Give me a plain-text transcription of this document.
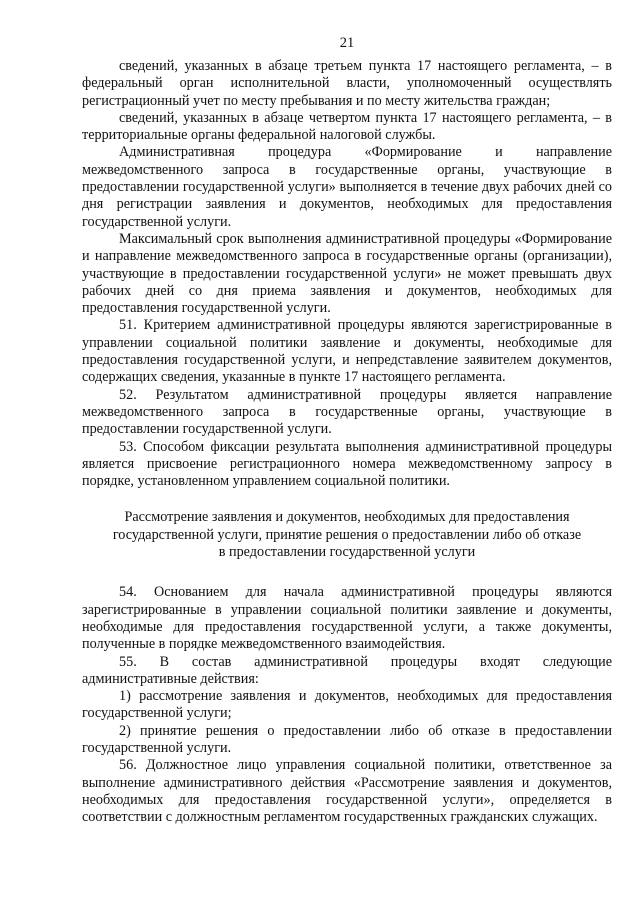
21

сведений, указанных в абзаце третьем пункта 17 настоящего регламента, – в федеральный орган исполнительной власти, уполномоченный осуществлять регистрационный учет по месту пребывания и по месту жительства граждан;

сведений, указанных в абзаце четвертом пункта 17 настоящего регламента, – в территориальные органы федеральной налоговой службы.

Административная процедура «Формирование и направление межведомственного запроса в государственные органы, участвующие в предоставлении государственной услуги» выполняется в течение двух рабочих дней со дня регистрации заявления и документов, необходимых для предоставления государственной услуги.

Максимальный срок выполнения административной процедуры «Формирование и направление межведомственного запроса в государственные органы (организации), участвующие в предоставлении государственной услуги» не может превышать двух рабочих дней со дня приема заявления и документов, необходимых для предоставления государственной услуги.

51. Критерием административной процедуры являются зарегистрированные в управлении социальной политики заявление и документы, необходимые для предоставления государственной услуги, и непредставление заявителем документов, содержащих сведения, указанные в пункте 17 настоящего регламента.

52. Результатом административной процедуры является направление межведомственного запроса в государственные органы, участвующие в предоставлении государственной услуги.

53. Способом фиксации результата выполнения административной процедуры является присвоение регистрационного номера межведомственному запросу в порядке, установленном управлением социальной политики.

Рассмотрение заявления и документов, необходимых для предоставления государственной услуги, принятие решения о предоставлении либо об отказе в предоставлении государственной услуги

54. Основанием для начала административной процедуры являются зарегистрированные в управлении социальной политики заявление и документы, необходимые для предоставления государственной услуги, а также документы, полученные в порядке межведомственного взаимодействия.

55. В состав административной процедуры входят следующие административные действия:

1) рассмотрение заявления и документов, необходимых для предоставления государственной услуги;

2) принятие решения о предоставлении либо об отказе в предоставлении государственной услуги.

56. Должностное лицо управления социальной политики, ответственное за выполнение административного действия «Рассмотрение заявления и документов, необходимых для предоставления государственной услуги», определяется в соответствии с должностным регламентом государственных гражданских служащих.
